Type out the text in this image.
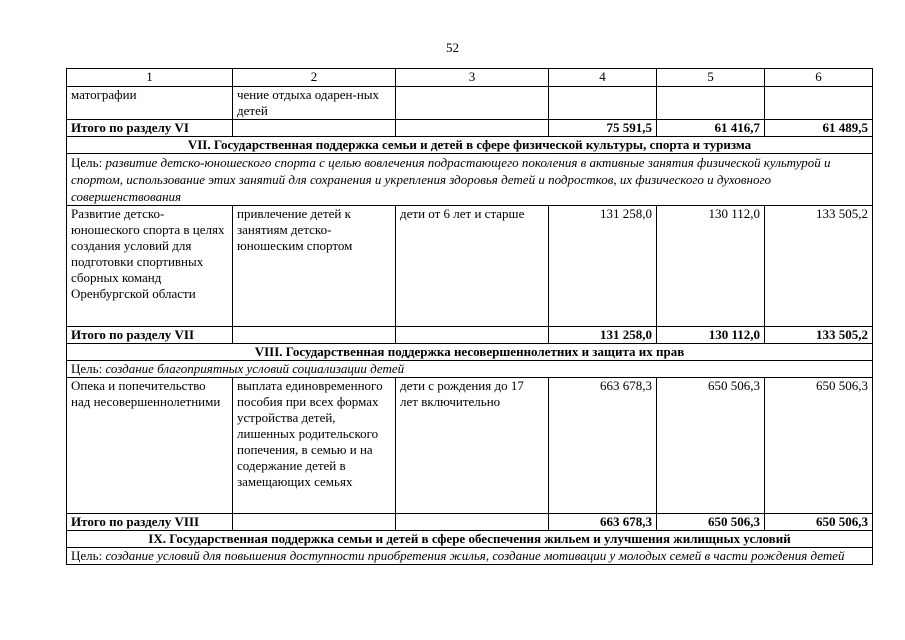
52
1	2	3	4	5	6
матографии	чение отдыха одарен-ных детей				
Итого по разделу VI			75 591,5	61 416,7	61 489,5
VII. Государственная поддержка семьи и детей в сфере физической культуры, спорта и туризма					
Цель: развитие детско-юношеского спорта с целью вовлечения подрастающего поколения в активные занятия физической культурой и спортом, использование этих занятий для сохранения и укрепления здоровья детей и подростков, их физического и духовного совершенствования					
Развитие детско-юношеского спорта в целях создания условий для подготовки спортивных сборных команд Оренбургской области	привлечение детей к занятиям детско-юношеским спортом	дети от 6 лет и старше	131 258,0	130 112,0	133 505,2
Итого по разделу VII			131 258,0	130 112,0	133 505,2
VIII. Государственная поддержка несовершеннолетних и защита их прав					
Цель: создание благоприятных условий социализации детей					
Опека и попечительство над несовершеннолетними	выплата единовременного пособия при всех формах устройства детей, лишенных родительского попечения, в семью и на содержание детей в замещающих семьях	дети с рождения до 17 лет включительно	663 678,3	650 506,3	650 506,3
Итого по разделу VIII			663 678,3	650 506,3	650 506,3
IX. Государственная поддержка семьи и детей в сфере обеспечения жильем и улучшения жилищных условий					
Цель: создание условий для повышения доступности приобретения жилья, создание мотивации у молодых семей в части рождения детей					
